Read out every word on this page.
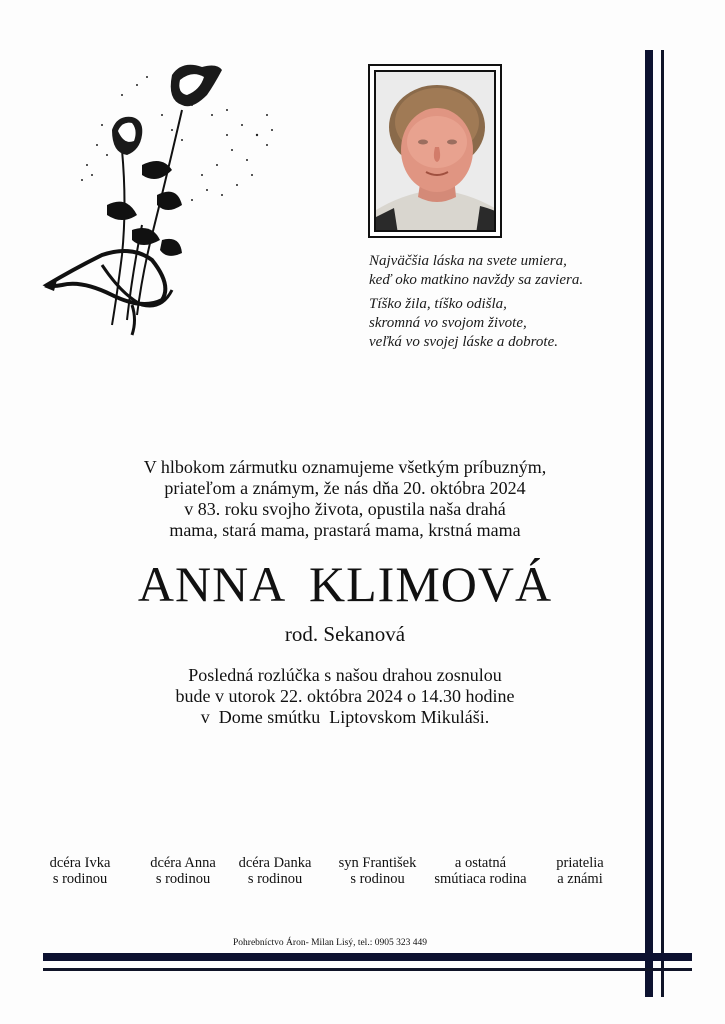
Najväčšia láska na svete umiera,
keď oko matkino navždy sa zaviera.
Tíško žila, tíško odišla,
skromná vo svojom živote,
veľká vo svojej láske a dobrote.
V hlbokom zármutku oznamujeme všetkým príbuzným,
priateľom a známym, že nás dňa 20. októbra 2024
v 83. roku svojho života, opustila naša drahá
mama, stará mama, prastará mama, krstná mama
ANNA KLIMOVÁ
rod. Sekanová
Posledná rozlúčka s našou drahou zosnulou
bude v utorok 22. októbra 2024 o 14.30 hodine
v  Dome smútku  Liptovskom Mikuláši.
dcéra Ivka
s rodinou
dcéra Anna
s rodinou
dcéra Danka
s rodinou
syn František
s rodinou
a ostatná
smútiaca rodina
priatelia
a známi
Pohrebníctvo Áron- Milan Lisý, tel.: 0905 323 449
